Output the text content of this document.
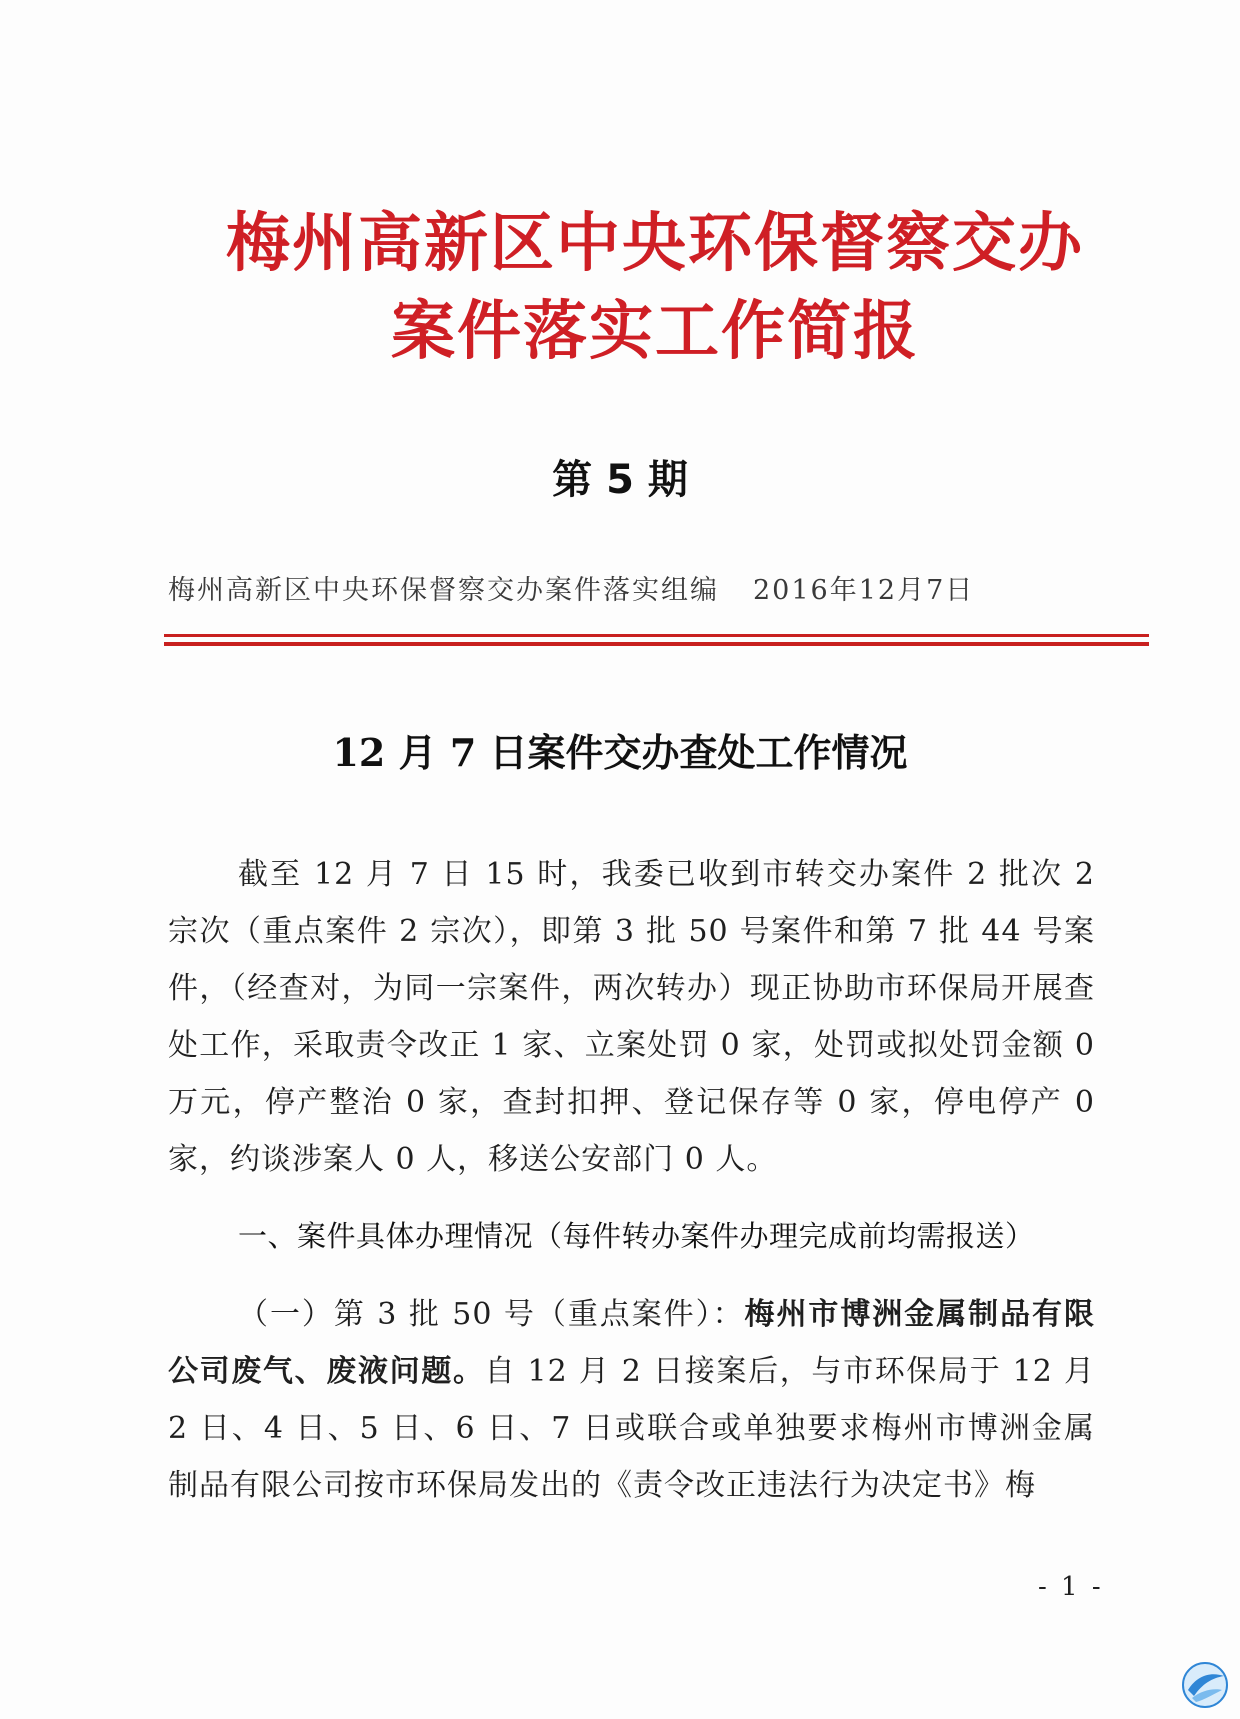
梅州高新区中央环保督察交办
案件落实工作简报
第 5 期
梅州高新区中央环保督察交办案件落实组编 2016年12月7日
12 月 7 日案件交办查处工作情况
截至 12 月 7 日 15 时，我委已收到市转交办案件 2 批次 2 宗次（重点案件 2 宗次），即第 3 批 50 号案件和第 7 批 44 号案件，（经查对，为同一宗案件，两次转办）现正协助市环保局开展查处工作，采取责令改正 1 家、立案处罚 0 家，处罚或拟处罚金额 0 万元，停产整治 0 家，查封扣押、登记保存等 0 家，停电停产 0 家，约谈涉案人 0 人，移送公安部门 0 人。
一、案件具体办理情况（每件转办案件办理完成前均需报送）
（一）第 3 批 50 号（重点案件）：梅州市博洲金属制品有限公司废气、废液问题。自 12 月 2 日接案后，与市环保局于 12 月 2 日、4 日、5 日、6 日、7 日或联合或单独要求梅州市博洲金属制品有限公司按市环保局发出的《责令改正违法行为决定书》梅
- 1 -
